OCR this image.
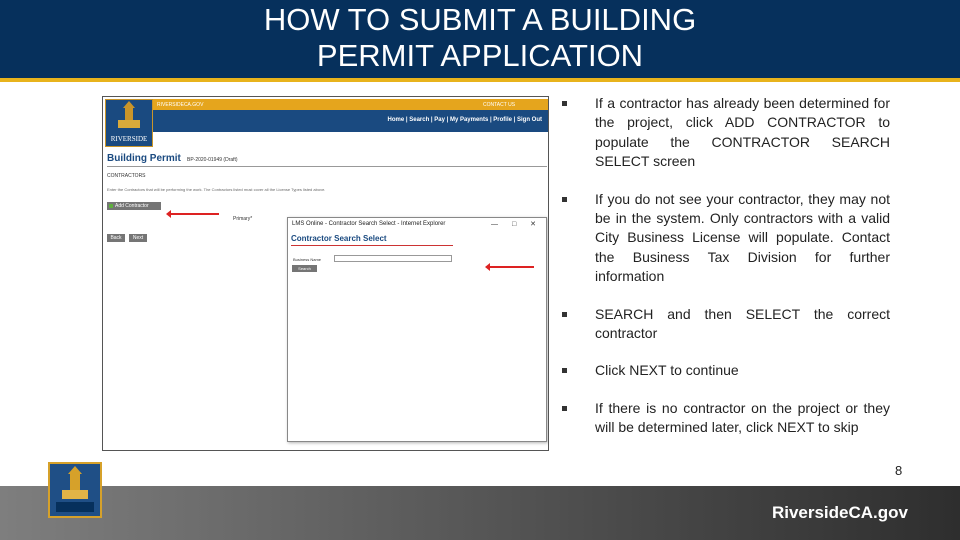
HOW TO SUBMIT A BUILDING
PERMIT APPLICATION
RIVERSIDE
RIVERSIDECA.GOV	CONTACT US
Home | Search | Pay | My Payments | Profile | Sign Out
Building Permit BP-2020-01949 (Draft)
CONTRACTORS
Enter the Contractors that will be performing the work. The Contractors listed must cover all the License Types listed above.
Add Contractor
Primary*
Back	Next
LMS Online - Contractor Search Select - Internet Explorer	— □ ✕
Contractor Search Select
Business Name
Search
If a contractor has already been determined for the project, click ADD CONTRACTOR to populate the CONTRACTOR SEARCH SELECT screen
If you do not see your contractor, they may not be in the system. Only contractors with a valid City Business License will populate. Contact the Business Tax Division for further information
SEARCH and then SELECT the correct contractor
Click NEXT to continue
If there is no contractor on the project or they will be determined later, click NEXT to skip
8
RiversideCA.gov
